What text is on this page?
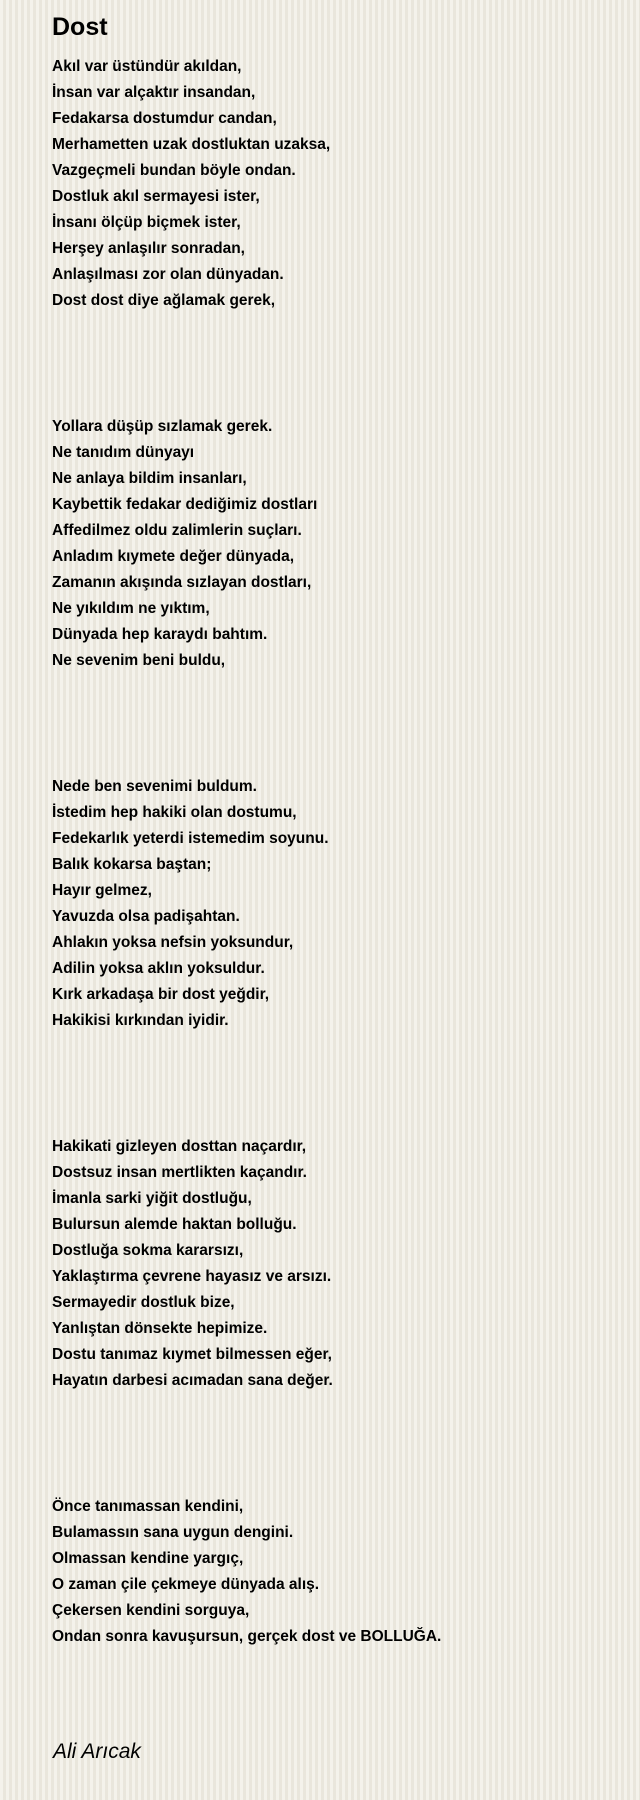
Dost
Akıl var üstündür akıldan,
İnsan var alçaktır insandan,
Fedakarsa dostumdur candan,
Merhametten uzak dostluktan uzaksa,
Vazgeçmeli bundan böyle ondan.
Dostluk akıl sermayesi ister,
İnsanı ölçüp biçmek ister,
Herşey anlaşılır sonradan,
Anlaşılması zor olan dünyadan.
Dost dost diye ağlamak gerek,
Yollara düşüp sızlamak gerek.
Ne tanıdım dünyayı
Ne anlaya bildim insanları,
Kaybettik fedakar dediğimiz dostları
Affedilmez oldu zalimlerin suçları.
Anladım kıymete değer dünyada,
Zamanın akışında sızlayan dostları,
Ne yıkıldım ne yıktım,
Dünyada hep karaydı bahtım.
Ne sevenim beni buldu,
Nede ben sevenimi buldum.
İstedim hep hakiki olan dostumu,
Fedekarlık yeterdi istemedim soyunu.
Balık kokarsa baştan;
Hayır gelmez,
Yavuzda olsa padişahtan.
Ahlakın yoksa nefsin yoksundur,
Adilin yoksa aklın yoksuldur.
Kırk arkadaşa bir dost yeğdir,
Hakikisi kırkından iyidir.
Hakikati gizleyen dosttan naçardır,
Dostsuz insan mertlikten kaçandır.
İmanla sarki yiğit dostluğu,
Bulursun alemde haktan bolluğu.
Dostluğa sokma kararsızı,
Yaklaştırma çevrene hayasız ve arsızı.
Sermayedir dostluk bize,
Yanlıştan dönsekte hepimize.
Dostu tanımaz kıymet bilmessen eğer,
Hayatın darbesi acımadan sana değer.
Önce tanımassan kendini,
Bulamassın sana uygun dengini.
Olmassan kendine yargıç,
O zaman çile çekmeye dünyada alış.
Çekersen kendini sorguya,
Ondan sonra kavuşursun, gerçek dost ve BOLLUĞA.
Ali Arıcak
